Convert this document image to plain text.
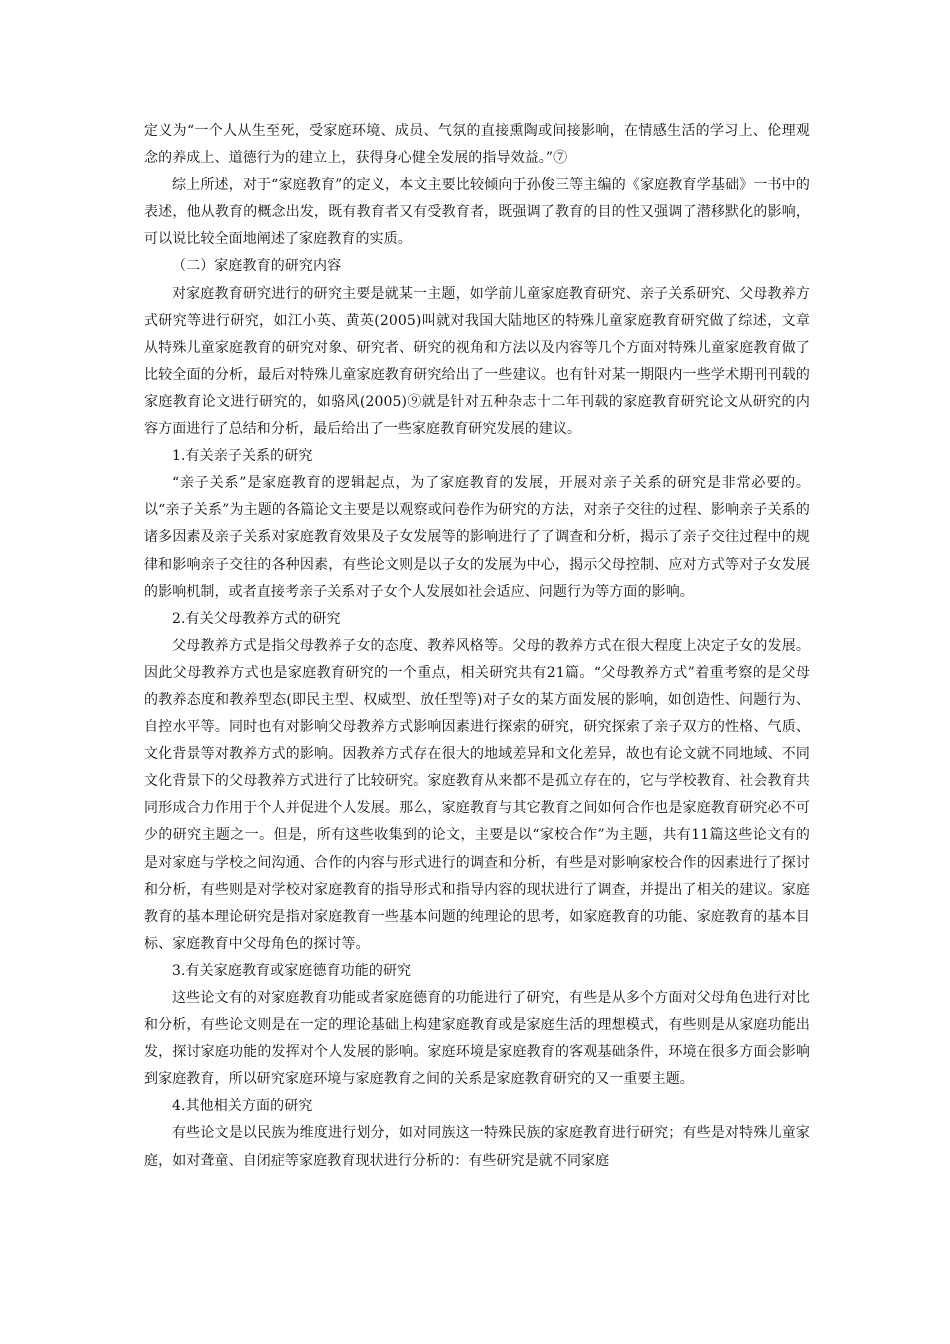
定义为“一个人从生至死，受家庭环境、成员、气氛的直接熏陶或间接影响，在情感生活的学习上、伦理观念的养成上、道德行为的建立上，获得身心健全发展的指导效益。”⑦

综上所述，对于“家庭教育”的定义，本文主要比较倾向于孙俊三等主编的《家庭教育学基础》一书中的表述，他从教育的概念出发，既有教育者又有受教育者，既强调了教育的目的性又强调了潜移默化的影响，可以说比较全面地阐述了家庭教育的实质。

（二）家庭教育的研究内容

对家庭教育研究进行的研究主要是就某一主题，如学前儿童家庭教育研究、亲子关系研究、父母教养方式研究等进行研究，如江小英、黄英(2005)叫就对我国大陆地区的特殊儿童家庭教育研究做了综述，文章从特殊儿童家庭教育的研究对象、研究者、研究的视角和方法以及内容等几个方面对特殊儿童家庭教育做了比较全面的分析，最后对特殊儿童家庭教育研究给出了一些建议。也有针对某一期限内一些学术期刊刊载的家庭教育论文进行研究的，如骆风(2005)⑨就是针对五种杂志十二年刊载的家庭教育研究论文从研究的内容方面进行了总结和分析，最后给出了一些家庭教育研究发展的建议。

1.有关亲子关系的研究

“亲子关系”是家庭教育的逻辑起点，为了家庭教育的发展，开展对亲子关系的研究是非常必要的。以“亲子关系”为主题的各篇论文主要是以观察或问卷作为研究的方法，对亲子交往的过程、影响亲子关系的诸多因素及亲子关系对家庭教育效果及子女发展等的影响进行了了调查和分析，揭示了亲子交往过程中的规律和影响亲子交往的各种因素，有些论文则是以子女的发展为中心，揭示父母控制、应对方式等对子女发展的影响机制，或者直接考亲子关系对子女个人发展如社会适应、问题行为等方面的影响。

2.有关父母教养方式的研究

父母教养方式是指父母教养子女的态度、教养风格等。父母的教养方式在很大程度上决定子女的发展。因此父母教养方式也是家庭教育研究的一个重点，相关研究共有21篇。“父母教养方式”着重考察的是父母的教养态度和教养型态(即民主型、权威型、放任型等)对子女的某方面发展的影响，如创造性、问题行为、自控水平等。同时也有对影响父母教养方式影响因素进行探索的研究，研究探索了亲子双方的性格、气质、文化背景等对教养方式的影响。因教养方式存在很大的地域差异和文化差异，故也有论文就不同地域、不同文化背景下的父母教养方式进行了比较研究。家庭教育从来都不是孤立存在的，它与学校教育、社会教育共同形成合力作用于个人并促进个人发展。那么，家庭教育与其它教育之间如何合作也是家庭教育研究必不可少的研究主题之一。但是，所有这些收集到的论文，主要是以“家校合作”为主题，共有11篇这些论文有的是对家庭与学校之间沟通、合作的内容与形式进行的调查和分析，有些是对影响家校合作的因素进行了探讨和分析，有些则是对学校对家庭教育的指导形式和指导内容的现状进行了调查，并提出了相关的建议。家庭教育的基本理论研究是指对家庭教育一些基本问题的纯理论的思考，如家庭教育的功能、家庭教育的基本目标、家庭教育中父母角色的探讨等。

3.有关家庭教育或家庭德育功能的研究

这些论文有的对家庭教育功能或者家庭德育的功能进行了研究，有些是从多个方面对父母角色进行对比和分析，有些论文则是在一定的理论基础上构建家庭教育或是家庭生活的理想模式，有些则是从家庭功能出发，探讨家庭功能的发挥对个人发展的影响。家庭环境是家庭教育的客观基础条件，环境在很多方面会影响到家庭教育，所以研究家庭环境与家庭教育之间的关系是家庭教育研究的又一重要主题。

4.其他相关方面的研究

有些论文是以民族为维度进行划分，如对同族这一特殊民族的家庭教育进行研究；有些是对特殊儿童家庭，如对聋童、自闭症等家庭教育现状进行分析的：有些研究是就不同家庭
